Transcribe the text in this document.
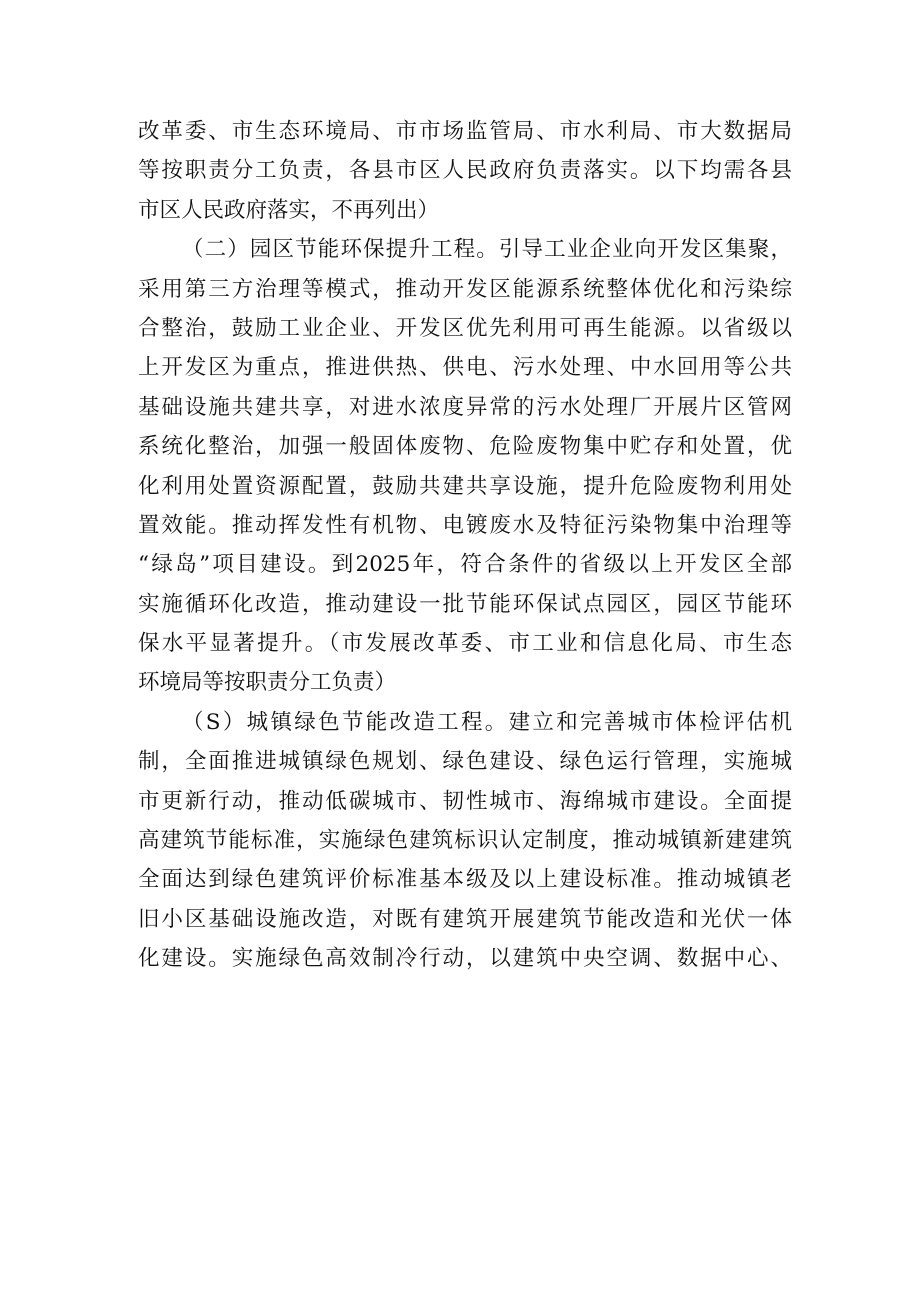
改革委、市生态环境局、市市场监管局、市水利局、市大数据局
等按职责分工负责，各县市区人民政府负责落实。以下均需各县
市区人民政府落实，不再列出）
（二）园区节能环保提升工程。引导工业企业向开发区集聚，
采用第三方治理等模式，推动开发区能源系统整体优化和污染综
合整治，鼓励工业企业、开发区优先利用可再生能源。以省级以
上开发区为重点，推进供热、供电、污水处理、中水回用等公共
基础设施共建共享，对进水浓度异常的污水处理厂开展片区管网
系统化整治，加强一般固体废物、危险废物集中贮存和处置，优
化利用处置资源配置，鼓励共建共享设施，提升危险废物利用处
置效能。推动挥发性有机物、电镀废水及特征污染物集中治理等
“绿岛”项目建设。到2025年，符合条件的省级以上开发区全部
实施循环化改造，推动建设一批节能环保试点园区，园区节能环
保水平显著提升。（市发展改革委、市工业和信息化局、市生态
环境局等按职责分工负责）
（S）城镇绿色节能改造工程。建立和完善城市体检评估机
制，全面推进城镇绿色规划、绿色建设、绿色运行管理，实施城
市更新行动，推动低碳城市、韧性城市、海绵城市建设。全面提
高建筑节能标准，实施绿色建筑标识认定制度，推动城镇新建建筑
全面达到绿色建筑评价标准基本级及以上建设标准。推动城镇老
旧小区基础设施改造，对既有建筑开展建筑节能改造和光伏一体
化建设。实施绿色高效制冷行动，以建筑中央空调、数据中心、
